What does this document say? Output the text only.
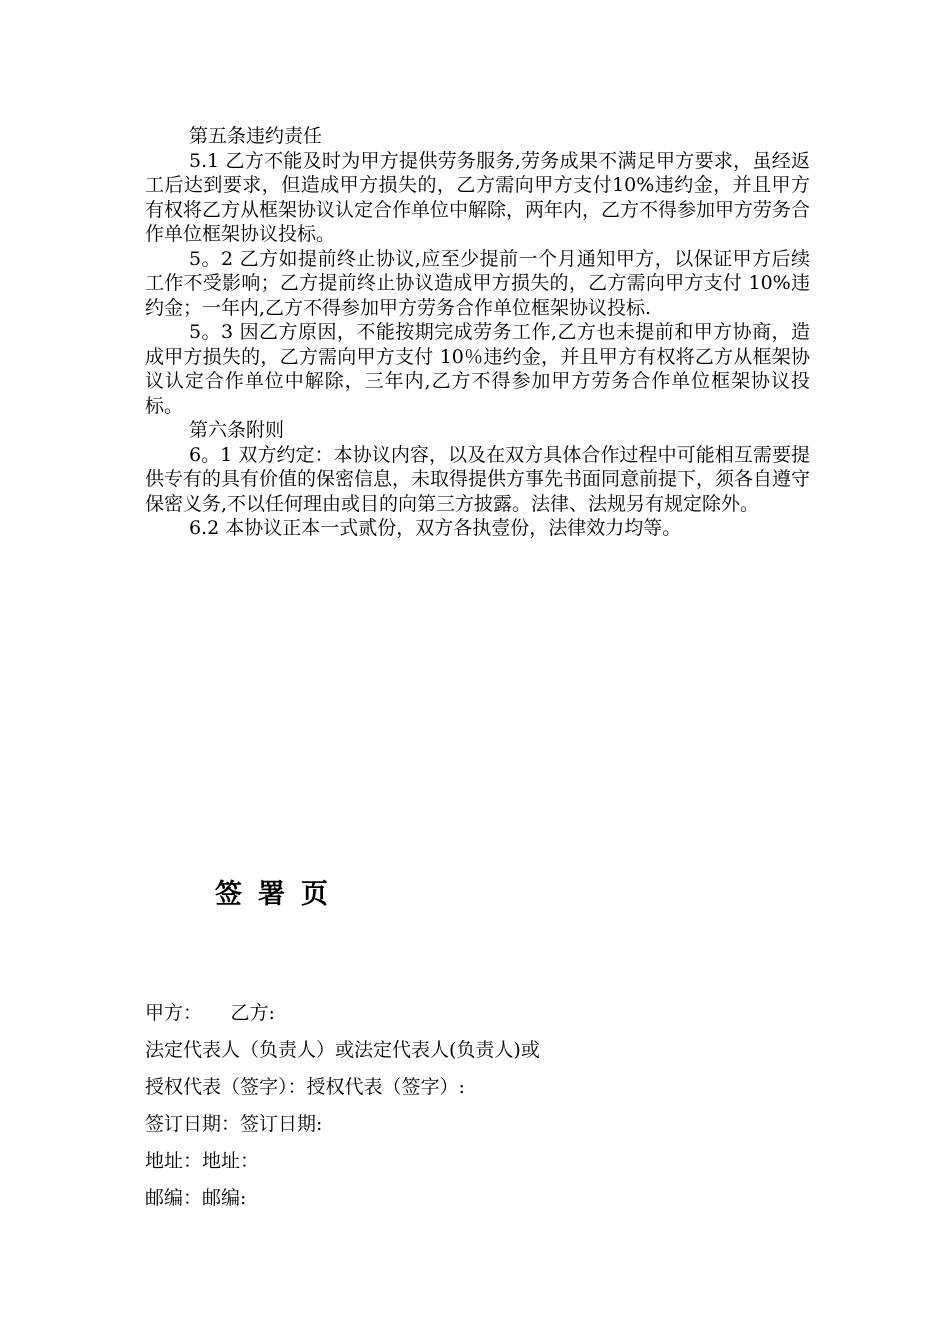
第五条违约责任

5.1 乙方不能及时为甲方提供劳务服务,劳务成果不满足甲方要求，虽经返工后达到要求，但造成甲方损失的，乙方需向甲方支付10%违约金，并且甲方有权将乙方从框架协议认定合作单位中解除，两年内，乙方不得参加甲方劳务合作单位框架协议投标。

5。2 乙方如提前终止协议,应至少提前一个月通知甲方，以保证甲方后续工作不受影响；乙方提前终止协议造成甲方损失的，乙方需向甲方支付 10%违约金；一年内,乙方不得参加甲方劳务合作单位框架协议投标.

5。3 因乙方原因，不能按期完成劳务工作,乙方也未提前和甲方协商，造成甲方损失的，乙方需向甲方支付 10％违约金，并且甲方有权将乙方从框架协议认定合作单位中解除，三年内,乙方不得参加甲方劳务合作单位框架协议投标。

第六条附则

6。1 双方约定：本协议内容，以及在双方具体合作过程中可能相互需要提供专有的具有价值的保密信息，未取得提供方事先书面同意前提下，须各自遵守保密义务,不以任何理由或目的向第三方披露。法律、法规另有规定除外。

6.2 本协议正本一式贰份，双方各执壹份，法律效力均等。

签署页
甲方：　　乙方:
法定代表人（负责人）或法定代表人(负责人)或
授权代表（签字）：授权代表（签字）:
签订日期：签订日期:
地址：地址：
邮编：邮编:
